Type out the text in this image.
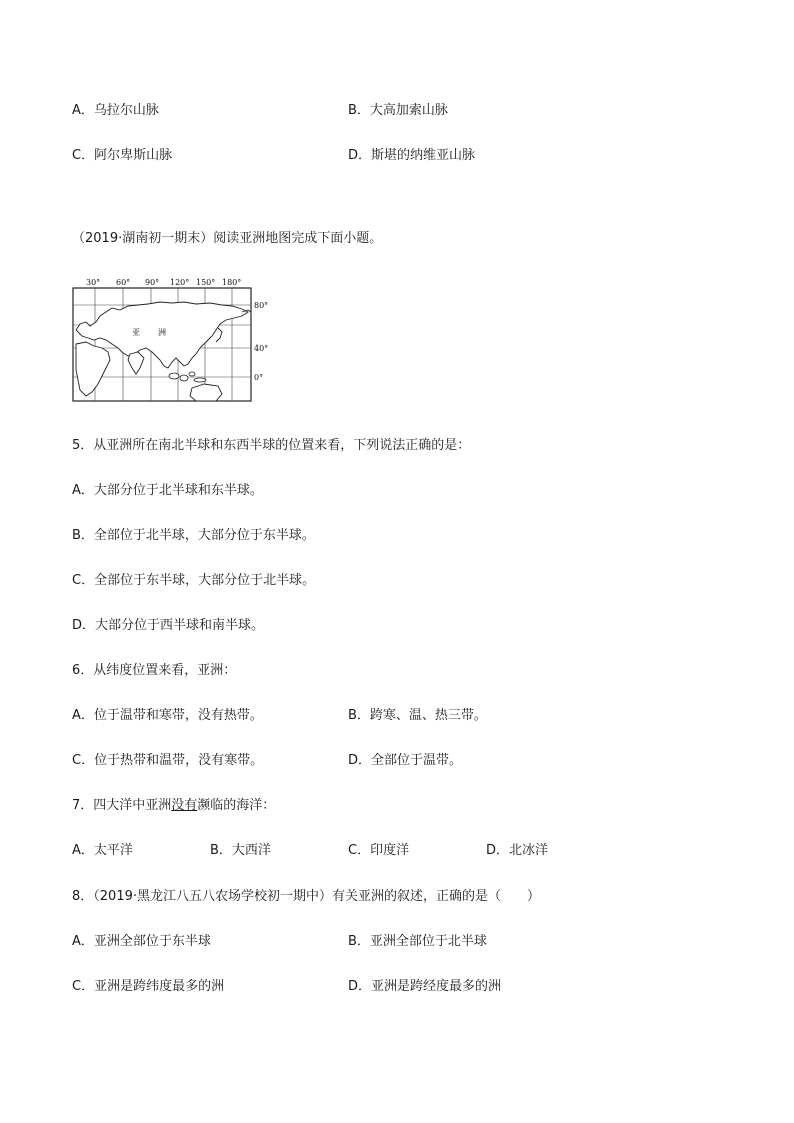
A．乌拉尔山脉	B．大高加索山脉
C．阿尔卑斯山脉	D．斯堪的纳维亚山脉
（2019·湖南初一期末）阅读亚洲地图完成下面小题。
30° 60° 90° 120° 150° 180°
80°
40°
0°
亚 洲
5．从亚洲所在南北半球和东西半球的位置来看，下列说法正确的是：
A．大部分位于北半球和东半球。
B．全部位于北半球，大部分位于东半球。
C．全部位于东半球，大部分位于北半球。
D．大部分位于西半球和南半球。
6．从纬度位置来看，亚洲：
A．位于温带和寒带，没有热带。	B．跨寒、温、热三带。
C．位于热带和温带，没有寒带。	D．全部位于温带。
7．四大洋中亚洲没有濒临的海洋：
A．太平洋	B．大西洋	C．印度洋	D．北冰洋
8．（2019·黑龙江八五八农场学校初一期中）有关亚洲的叙述，正确的是（　　）
A．亚洲全部位于东半球	B．亚洲全部位于北半球
C．亚洲是跨纬度最多的洲	D．亚洲是跨经度最多的洲
